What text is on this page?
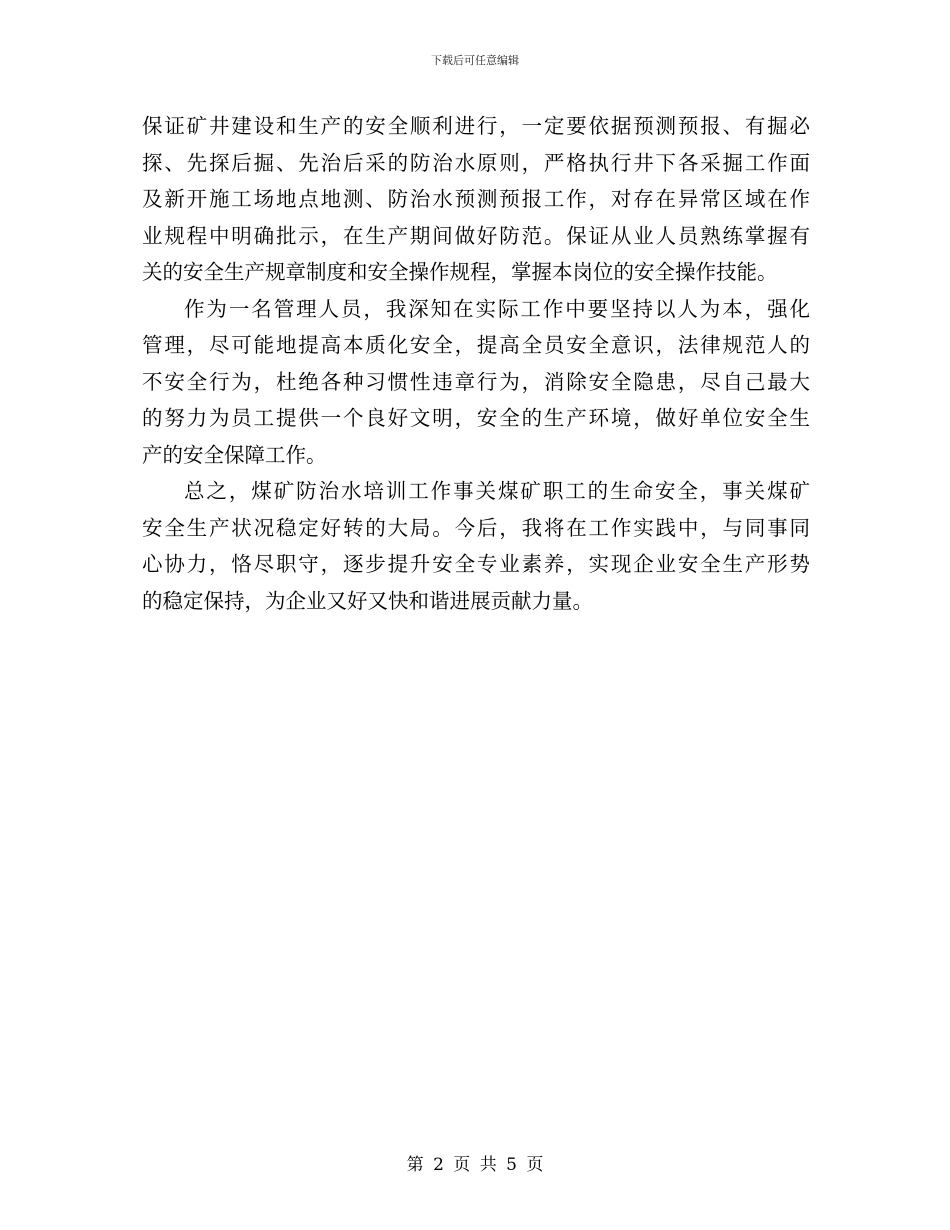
下载后可任意编辑
保证矿井建设和生产的安全顺利进行，一定要依据预测预报、有掘必
探、先探后掘、先治后采的防治水原则，严格执行井下各采掘工作面
及新开施工场地点地测、防治水预测预报工作，对存在异常区域在作
业规程中明确批示，在生产期间做好防范。保证从业人员熟练掌握有
关的安全生产规章制度和安全操作规程，掌握本岗位的安全操作技能。
作为一名管理人员，我深知在实际工作中要坚持以人为本，强化
管理，尽可能地提高本质化安全，提高全员安全意识，法律规范人的
不安全行为，杜绝各种习惯性违章行为，消除安全隐患，尽自己最大
的努力为员工提供一个良好文明，安全的生产环境，做好单位安全生
产的安全保障工作。
总之，煤矿防治水培训工作事关煤矿职工的生命安全，事关煤矿
安全生产状况稳定好转的大局。今后，我将在工作实践中，与同事同
心协力，恪尽职守，逐步提升安全专业素养，实现企业安全生产形势
的稳定保持，为企业又好又快和谐进展贡献力量。
第 2 页 共 5 页
